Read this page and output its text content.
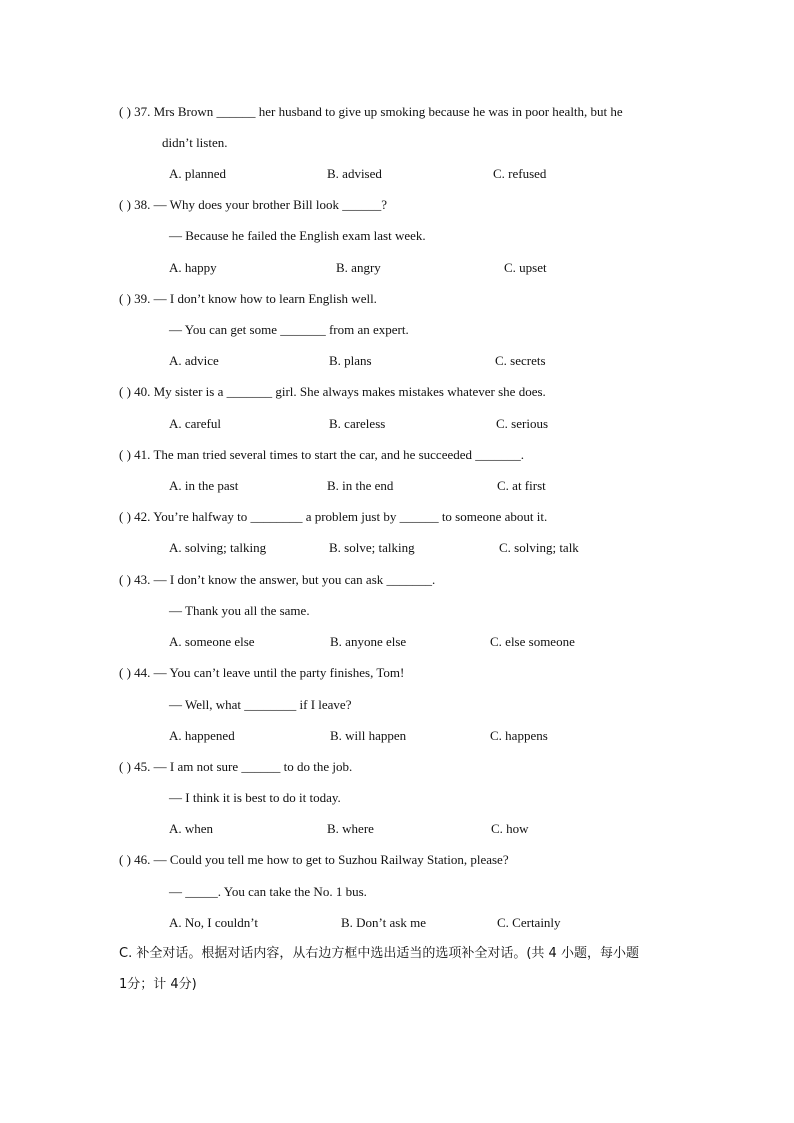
( ) 37. Mrs Brown ______ her husband to give up smoking because he was in poor health, but he
didn’t listen.
A. planned	B. advised	C. refused
( ) 38. — Why does your brother Bill look ______?
— Because he failed the English exam last week.
A. happy	B. angry	C. upset
( ) 39. — I don’t know how to learn English well.
— You can get some _______ from an expert.
A. advice	B. plans	C. secrets
( ) 40. My sister is a _______ girl. She always makes mistakes whatever she does.
A. careful	B. careless	C. serious
( ) 41. The man tried several times to start the car, and he succeeded _______.
A. in the past	B. in the end	C. at first
( ) 42. You’re halfway to ________ a problem just by ______ to someone about it.
A. solving; talking	B. solve; talking	C. solving; talk
( ) 43. — I don’t know the answer, but you can ask _______.
— Thank you all the same.
A. someone else	B. anyone else	C. else someone
( ) 44. — You can’t leave until the party finishes, Tom!
— Well, what ________ if I leave?
A. happened	B. will happen	C. happens
( ) 45. — I am not sure ______ to do the job.
— I think it is best to do it today.
A. when	B. where	C. how
( ) 46. — Could you tell me how to get to Suzhou Railway Station, please?
— _____. You can take the No. 1 bus.
A. No, I couldn’t	B. Don’t ask me	C. Certainly
C. 补全对话。根据对话内容，从右边方框中选出适当的选项补全对话。(共 4 小题，每小题
1分；计 4分)
